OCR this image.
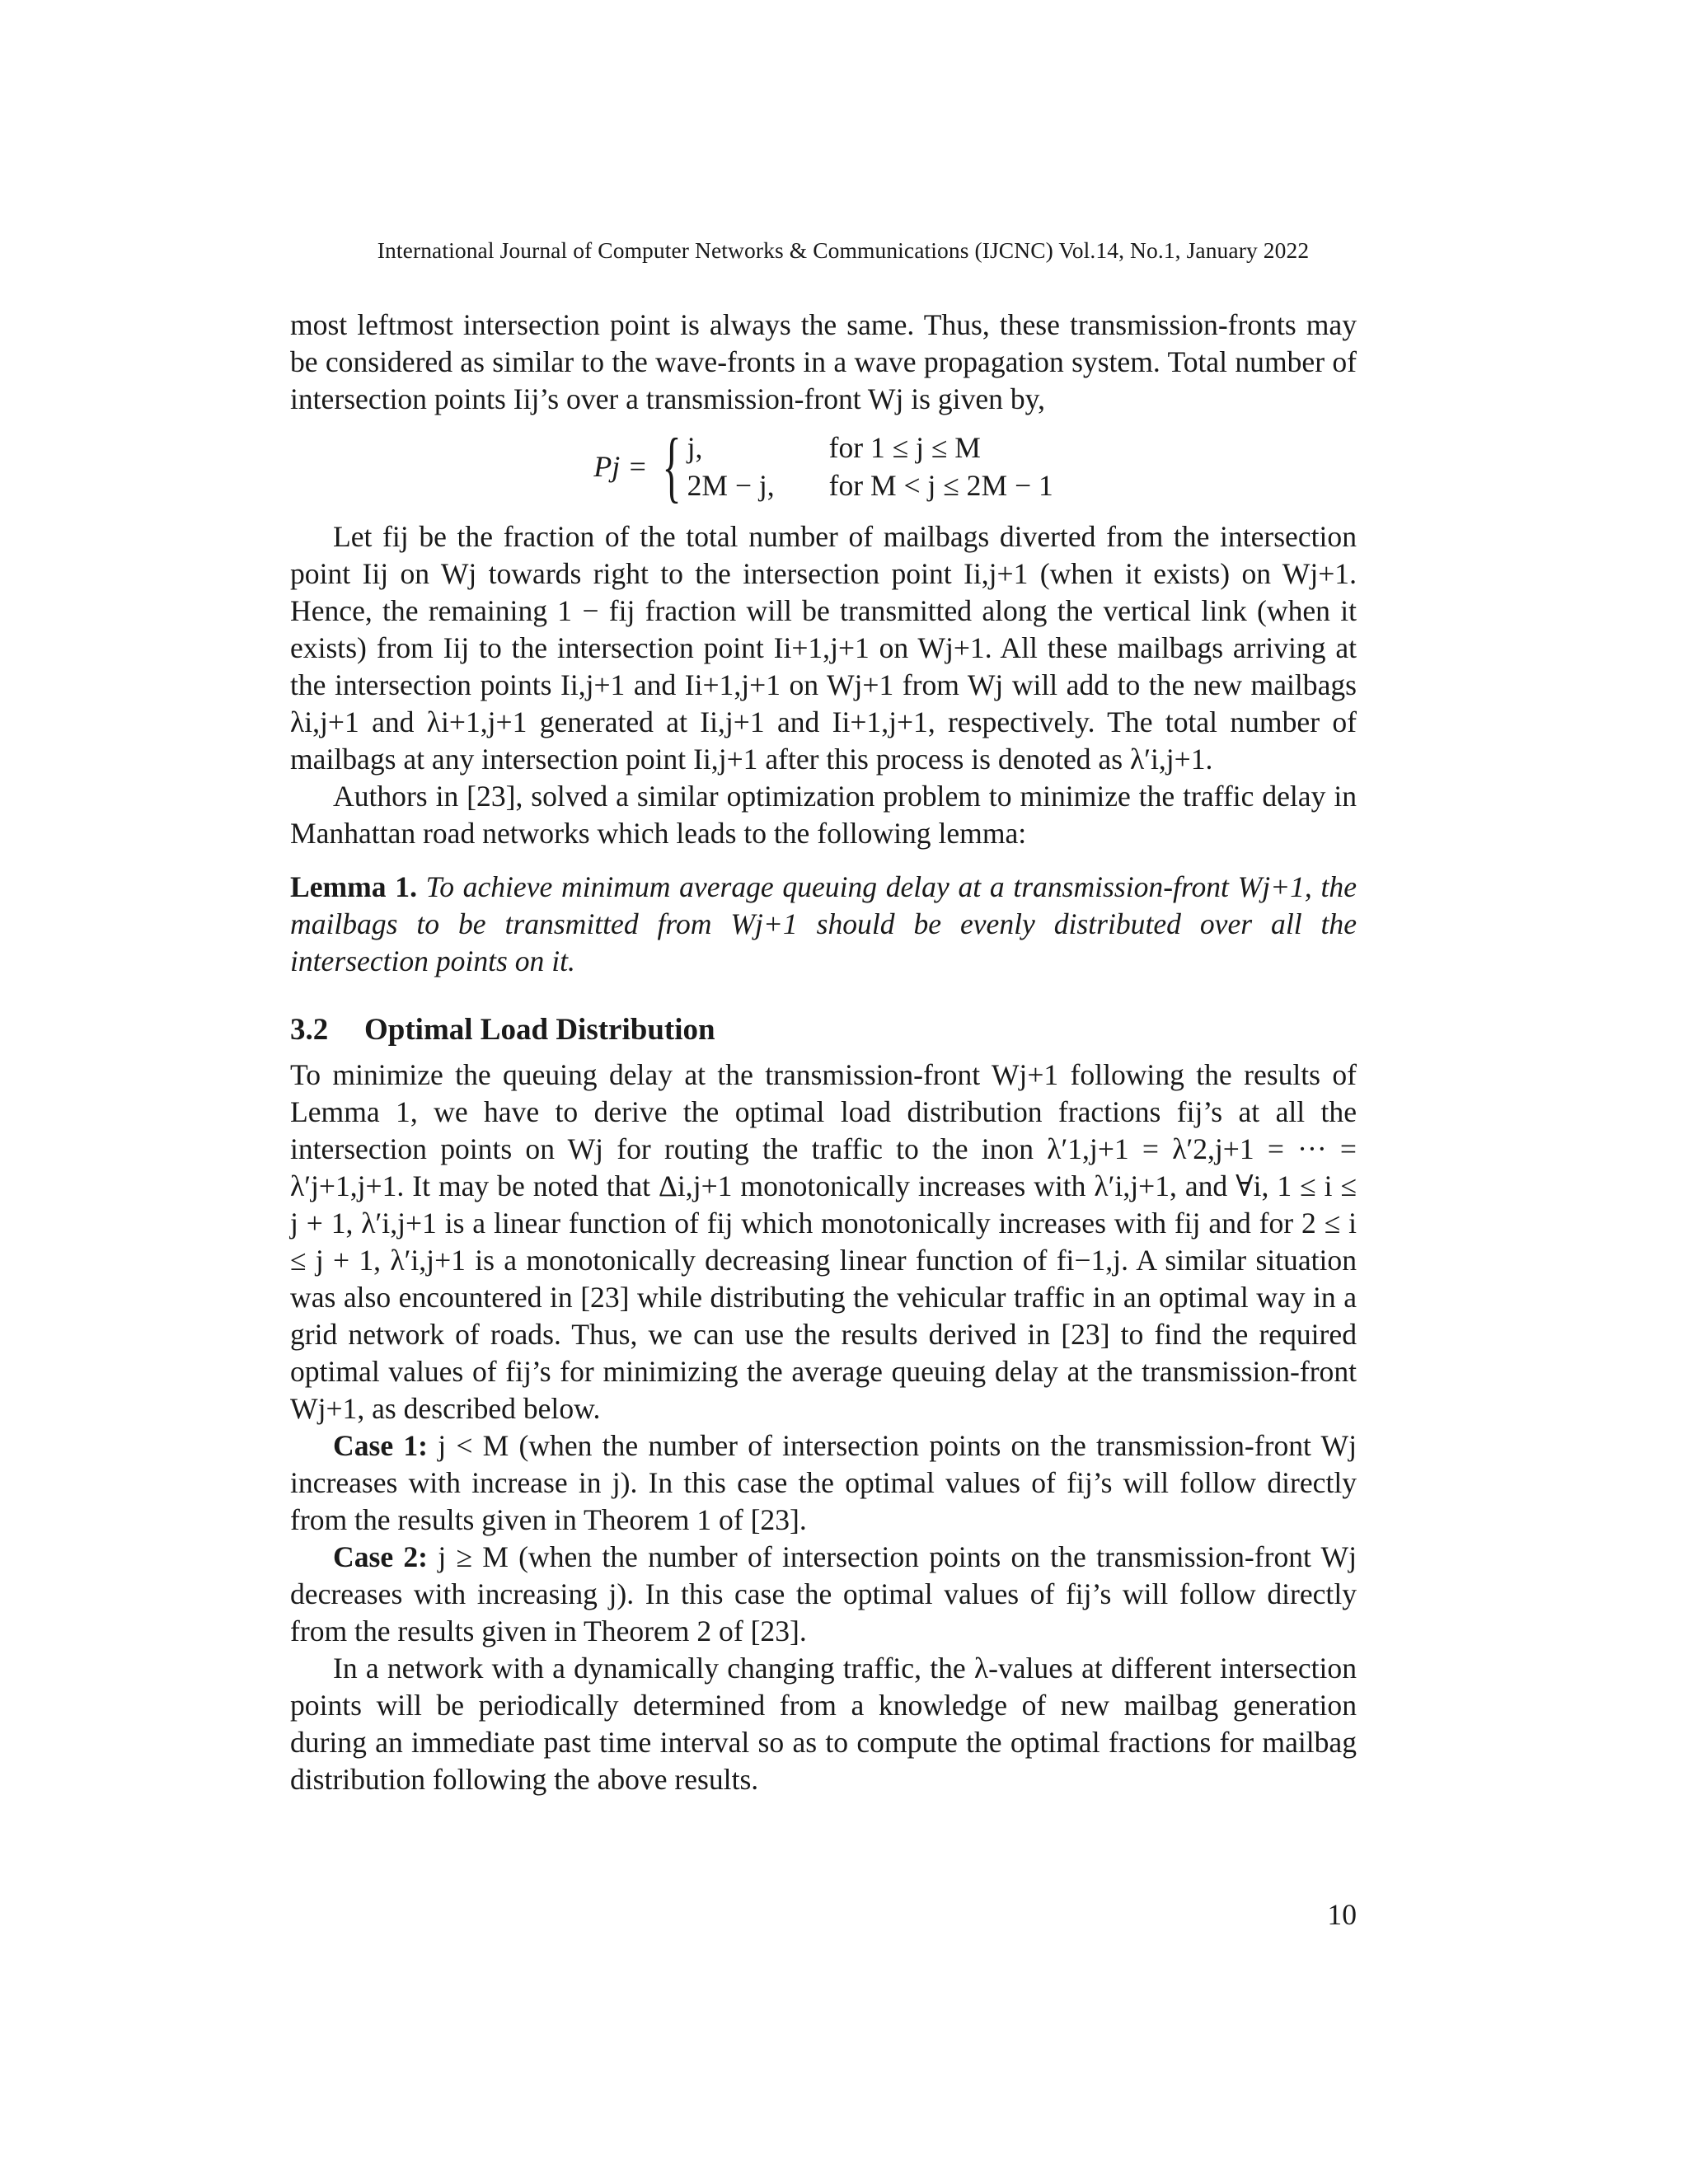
International Journal of Computer Networks & Communications (IJCNC) Vol.14, No.1, January 2022

most leftmost intersection point is always the same. Thus, these transmission-fronts may be considered as similar to the wave-fronts in a wave propagation system. Total number of intersection points Iij’s over a transmission-front Wj is given by,

Pj = { j,	for 1 ≤ j ≤ M
2M − j,	for M < j ≤ 2M − 1

Let fij be the fraction of the total number of mailbags diverted from the intersection point Iij on Wj towards right to the intersection point Ii,j+1 (when it exists) on Wj+1. Hence, the remaining 1 − fij fraction will be transmitted along the vertical link (when it exists) from Iij to the intersection point Ii+1,j+1 on Wj+1. All these mailbags arriving at the intersection points Ii,j+1 and Ii+1,j+1 on Wj+1 from Wj will add to the new mailbags λi,j+1 and λi+1,j+1 generated at Ii,j+1 and Ii+1,j+1, respectively. The total number of mailbags at any intersection point Ii,j+1 after this process is denoted as λ′i,j+1.

Authors in [23], solved a similar optimization problem to minimize the traffic delay in Manhattan road networks which leads to the following lemma:

Lemma 1. To achieve minimum average queuing delay at a transmission-front Wj+1, the mailbags to be transmitted from Wj+1 should be evenly distributed over all the intersection points on it.

3.2 Optimal Load Distribution

To minimize the queuing delay at the transmission-front Wj+1 following the results of Lemma 1, we have to derive the optimal load distribution fractions fij’s at all the intersection points on Wj for routing the traffic to the inon λ′1,j+1 = λ′2,j+1 = ··· = λ′j+1,j+1. It may be noted that Δi,j+1 monotonically increases with λ′i,j+1, and ∀i, 1 ≤ i ≤ j + 1, λ′i,j+1 is a linear function of fij which monotonically increases with fij and for 2 ≤ i ≤ j + 1, λ′i,j+1 is a monotonically decreasing linear function of fi−1,j. A similar situation was also encountered in [23] while distributing the vehicular traffic in an optimal way in a grid network of roads. Thus, we can use the results derived in [23] to find the required optimal values of fij’s for minimizing the average queuing delay at the transmission-front Wj+1, as described below.

Case 1: j < M (when the number of intersection points on the transmission-front Wj increases with increase in j). In this case the optimal values of fij’s will follow directly from the results given in Theorem 1 of [23].

Case 2: j ≥ M (when the number of intersection points on the transmission-front Wj decreases with increasing j). In this case the optimal values of fij’s will follow directly from the results given in Theorem 2 of [23].

In a network with a dynamically changing traffic, the λ-values at different intersection points will be periodically determined from a knowledge of new mailbag generation during an immediate past time interval so as to compute the optimal fractions for mailbag distribution following the above results.

10
